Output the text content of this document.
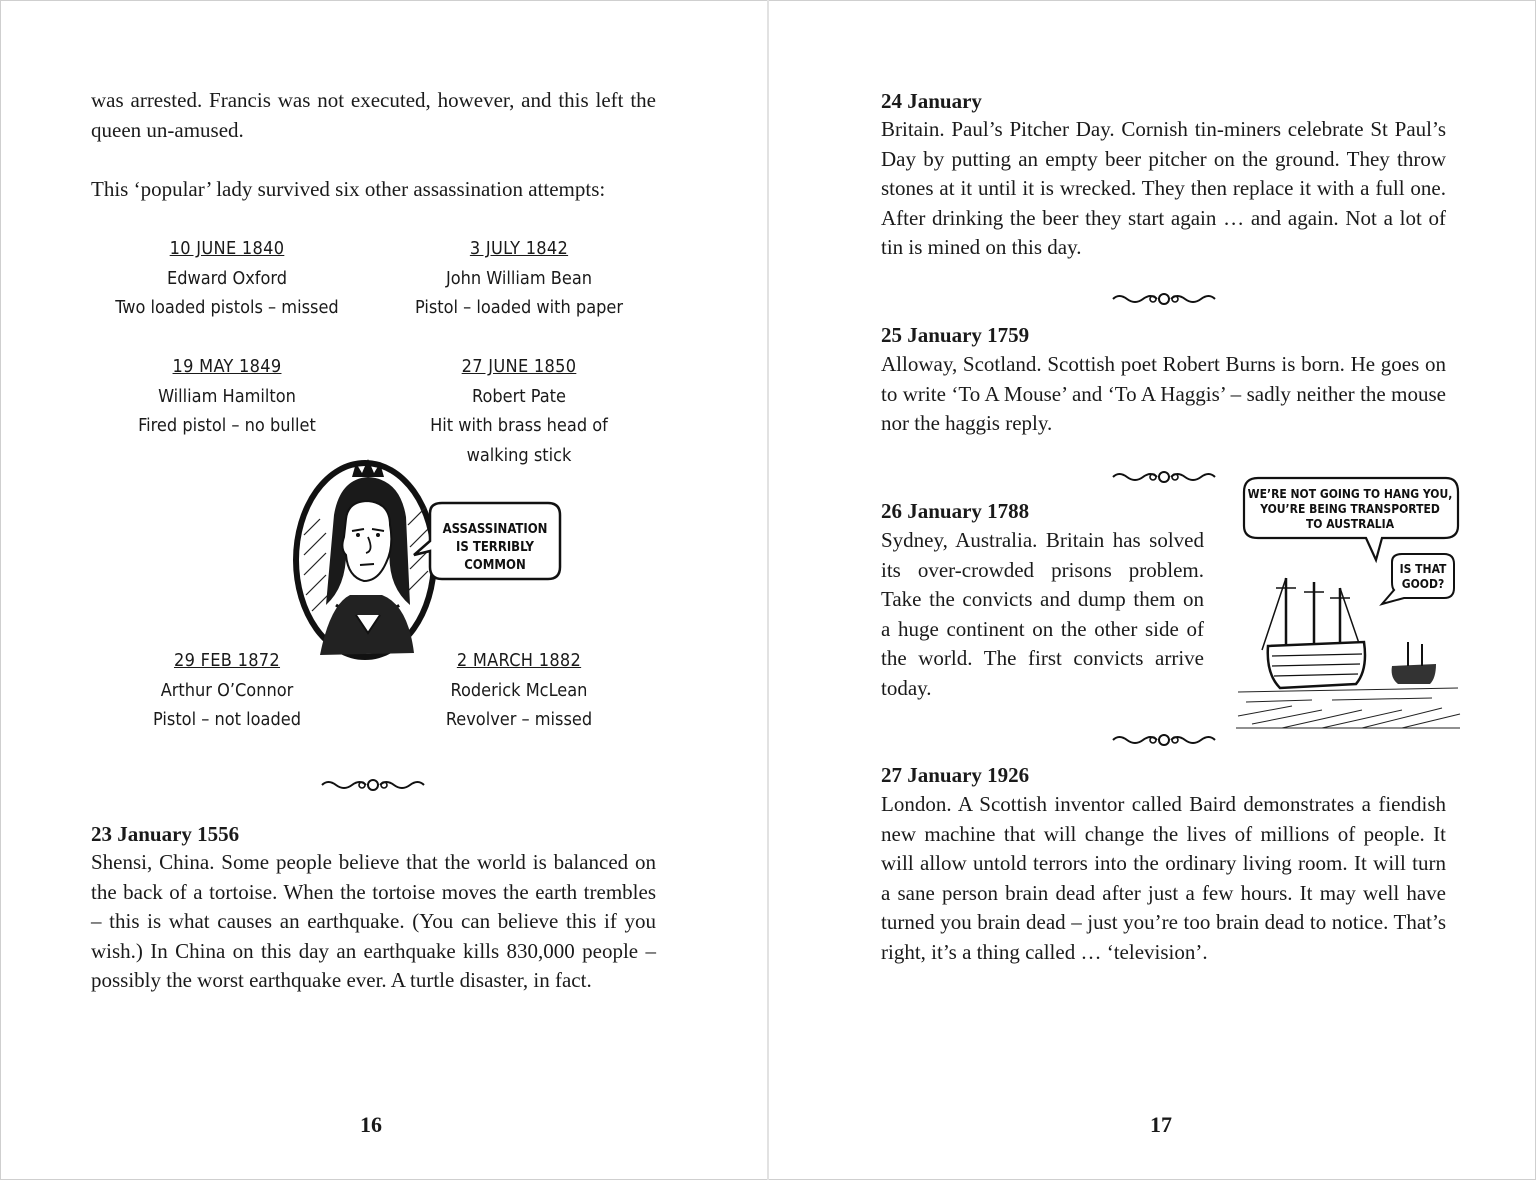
was arrested. Francis was not executed, however, and this left the queen un-amused.

This ‘popular’ lady survived six other assassination attempts:

10 JUNE 1840
Edward Oxford
Two loaded pistols – missed
3 JULY 1842
John William Bean
Pistol – loaded with paper
19 MAY 1849
William Hamilton
Fired pistol – no bullet
27 JUNE 1850
Robert Pate
Hit with brass head of walking stick
ASSASSINATION
IS TERRIBLY
COMMON
29 FEB 1872
Arthur O’Connor
Pistol – not loaded
2 MARCH 1882
Roderick McLean
Revolver – missed

23 January 1556

Shensi, China. Some people believe that the world is balanced on the back of a tortoise. When the tortoise moves the earth trembles – this is what causes an earthquake. (You can believe this if you wish.) In China on this day an earthquake kills 830,000 people – possibly the worst earthquake ever. A turtle disaster, in fact.

16

24 January

Britain. Paul’s Pitcher Day. Cornish tin-miners celebrate St Paul’s Day by putting an empty beer pitcher on the ground. They throw stones at it until it is wrecked. They then replace it with a full one. After drinking the beer they start again … and again. Not a lot of tin is mined on this day.

25 January 1759

Alloway, Scotland. Scottish poet Robert Burns is born. He goes on to write ‘To A Mouse’ and ‘To A Haggis’ – sadly neither the mouse nor the haggis reply.

26 January 1788

Sydney, Australia. Britain has solved its over-crowded prisons problem. Take the convicts and dump them on a huge continent on the other side of the world. The first convicts arrive today.

27 January 1926

London. A Scottish inventor called Baird demonstrates a fiendish new machine that will change the lives of millions of people. It will allow untold terrors into the ordinary living room. It will turn a sane person brain dead after just a few hours. It may well have turned you brain dead – just you’re too brain dead to notice. That’s right, it’s a thing called … ‘television’.

17
WE’RE NOT GOING TO HANG YOU,
YOU’RE BEING TRANSPORTED
TO AUSTRALIA
IS THAT
GOOD?
